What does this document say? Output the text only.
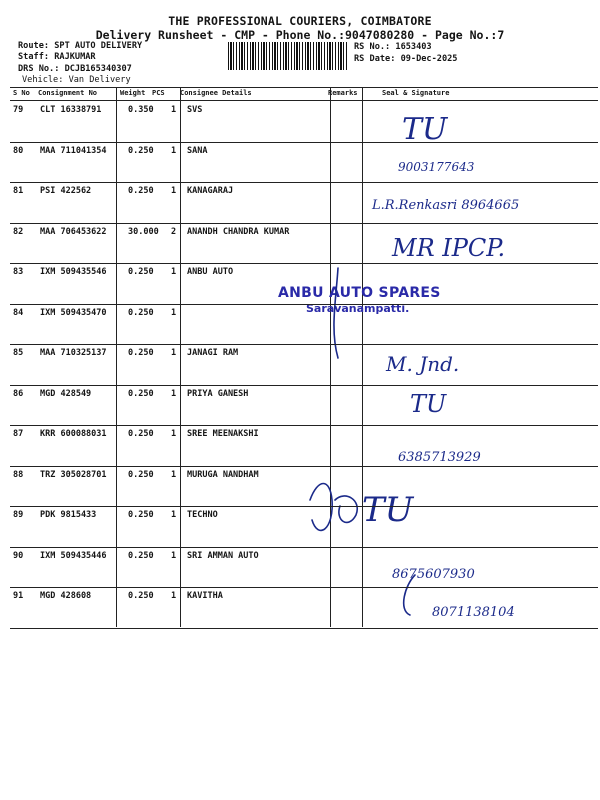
THE PROFESSIONAL COURIERS, COIMBATORE
Delivery Runsheet - CMP - Phone No.:9047080280 - Page No.:7
Route: SPT AUTO DELIVERY
Staff: RAJKUMAR
DRS No.: DCJB165340307
Vehicle: Van Delivery
RS No.: 1653403
RS Date: 09-Dec-2025
S No Consignment No	Weight PCS Consignee Details	Remarks	Seal & Signature
79 CLT 16338791	0.350 1 SVS
80 MAA 711041354	0.250 1 SANA
81 PSI 422562	0.250 1 KANAGARAJ
82 MAA 706453622	30.000 2 ANANDH CHANDRA KUMAR
83 IXM 509435546	0.250 1 ANBU AUTO
84 IXM 509435470	0.250 1
85 MAA 710325137	0.250 1 JANAGI RAM
86 MGD 428549	0.250 1 PRIYA GANESH
87 KRR 600088031	0.250 1 SREE MEENAKSHI
88 TRZ 305028701	0.250 1 MURUGA NANDHAM
89 PDK 9815433	0.250 1 TECHNO
90 IXM 509435446	0.250 1 SRI AMMAN AUTO
91 MGD 428608	0.250 1 KAVITHA
ANBU AUTO SPARES
Saravanampatti.
TU
9003177643
L.R.Renkasri 8964665
MR IPCP.
M. Jnd.
TU
6385713929
TU
8675607930
8071138104
